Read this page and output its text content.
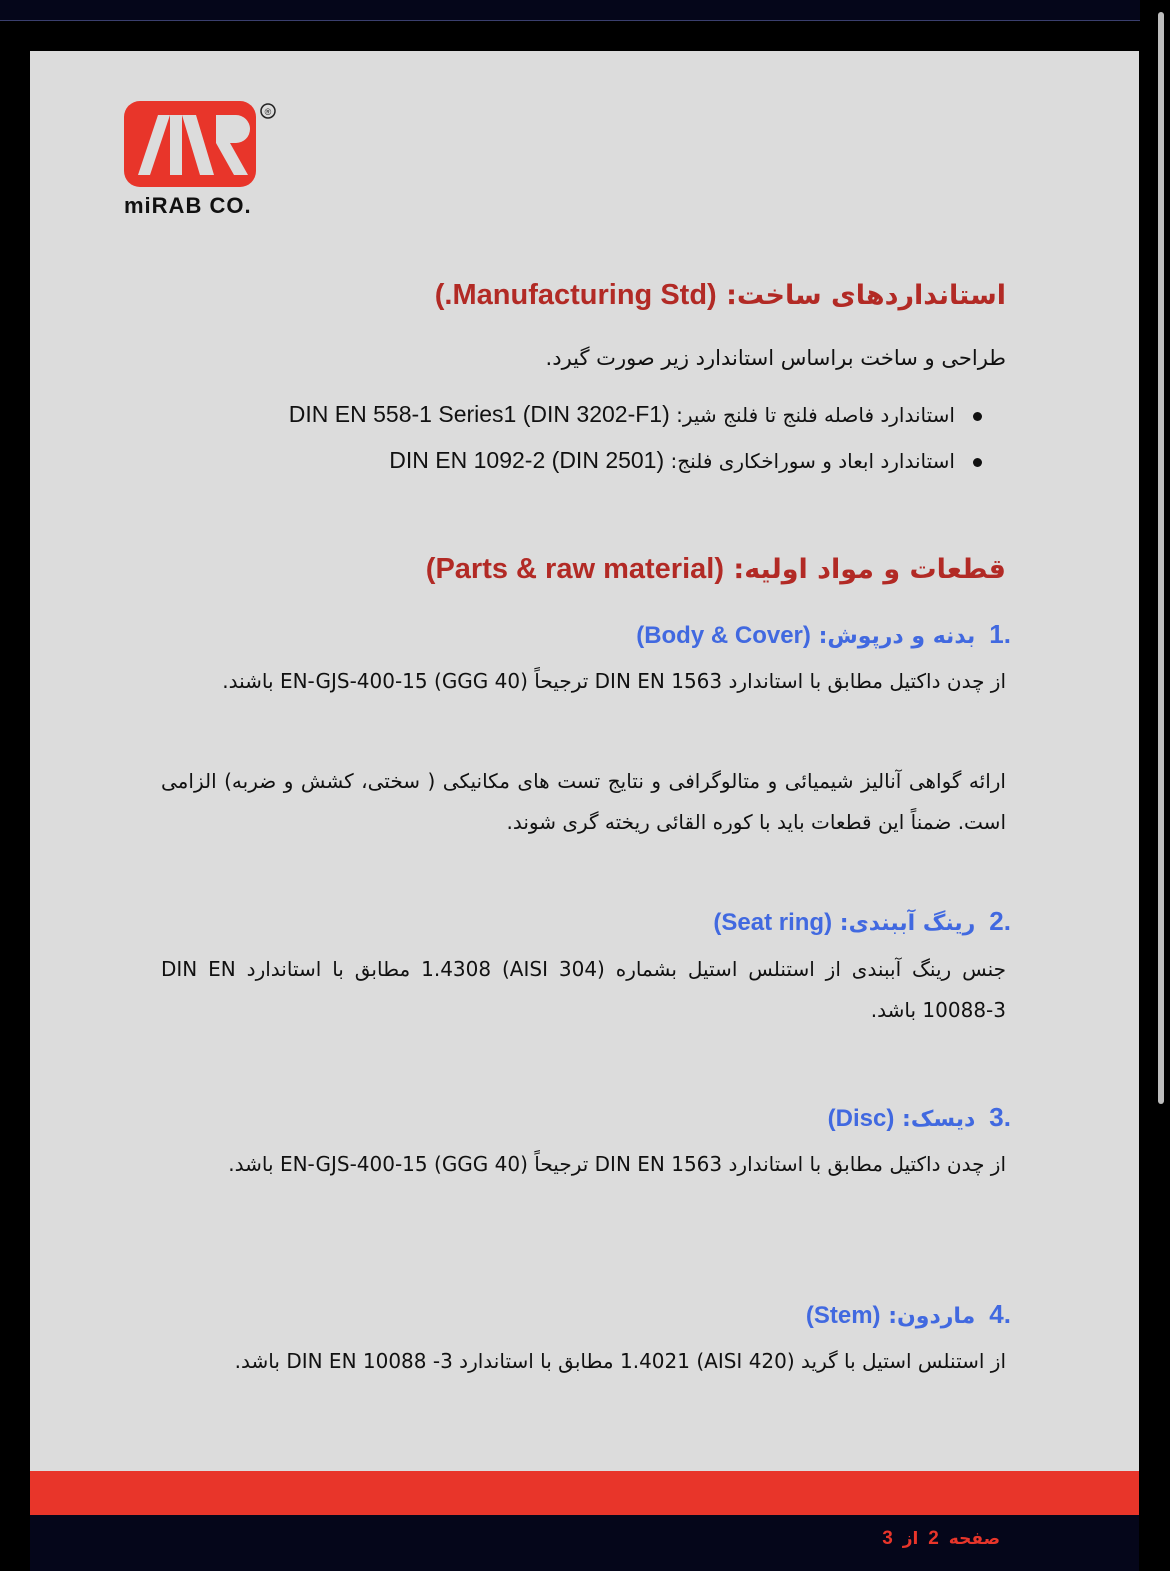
®
miRAB CO.
استانداردهای ساخت: (Manufacturing Std.)
طراحی و ساخت براساس استاندارد زیر صورت گیرد.
استاندارد فاصله فلنج تا فلنج شیر: (DIN 3202-F1) DIN EN 558-1 Series1
استاندارد ابعاد و سوراخکاری فلنج: (DIN 2501) DIN EN 1092-2
قطعات و مواد اولیه: (Parts & raw material)
.1بدنه و درپوش: (Body & Cover)
از چدن داکتیل مطابق با استاندارد DIN EN 1563 ترجیحاً (GGG 40) EN-GJS-400-15 باشند.
ارائه گواهی آنالیز شیمیائی و متالوگرافی و نتایج تست های مکانیکی ( سختی، کشش و ضربه) الزامی است. ضمناً این قطعات باید با کوره القائی ریخته گری شوند.
.2رینگ آببندی: (Seat ring)
جنس رینگ آببندی از استنلس استیل بشماره (AISI 304) 1.4308 مطابق با استاندارد DIN EN 10088-3 باشد.
.3دیسک: (Disc)
از چدن داکتیل مطابق با استاندارد DIN EN 1563 ترجیحاً (GGG 40) EN-GJS-400-15 باشد.
.4ماردون: (Stem)
از استنلس استیل با گرید (AISI 420) 1.4021 مطابق با استاندارد DIN EN 10088 -3 باشد.
صفحه 2 از 3
